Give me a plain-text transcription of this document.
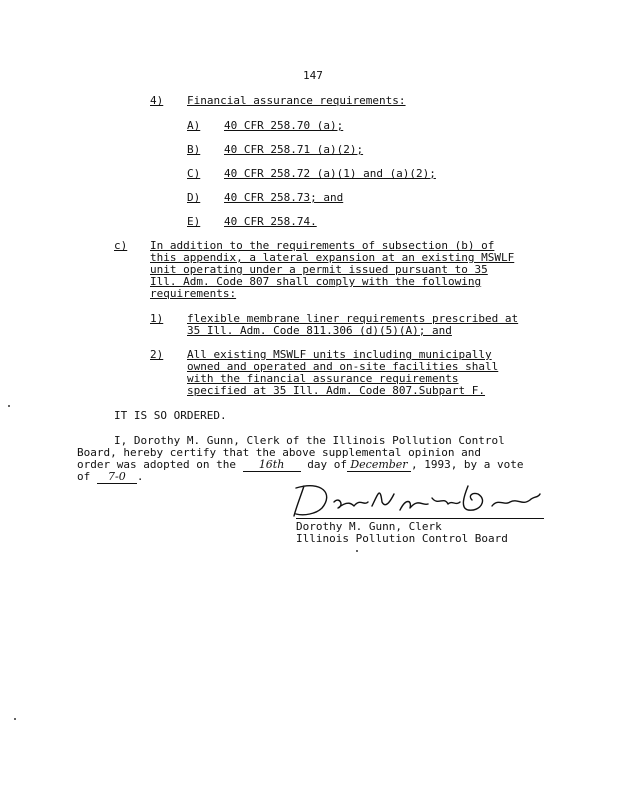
147
4) Financial assurance requirements:
A) 40 CFR 258.70 (a);
B) 40 CFR 258.71 (a)(2);
C) 40 CFR 258.72 (a)(1) and (a)(2);
D) 40 CFR 258.73; and
E) 40 CFR 258.74.
c) In addition to the requirements of subsection (b) of
this appendix, a lateral expansion at an existing MSWLF
unit operating under a permit issued pursuant to 35
Ill. Adm. Code 807 shall comply with the following
requirements:
1) flexible membrane liner requirements prescribed at
35 Ill. Adm. Code 811.306 (d)(5)(A); and
2) All existing MSWLF units including municipally
owned and operated and on-site facilities shall
with the financial assurance requirements
specified at 35 Ill. Adm. Code 807.Subpart F.
IT IS SO ORDERED.
I, Dorothy M. Gunn, Clerk of the Illinois Pollution Control
Board, hereby certify that the above supplemental opinion and
order was adopted on the 16th day of December , 1993, by a vote
of 7-0 .
Dorothy M. Gunn, Clerk
Illinois Pollution Control Board
